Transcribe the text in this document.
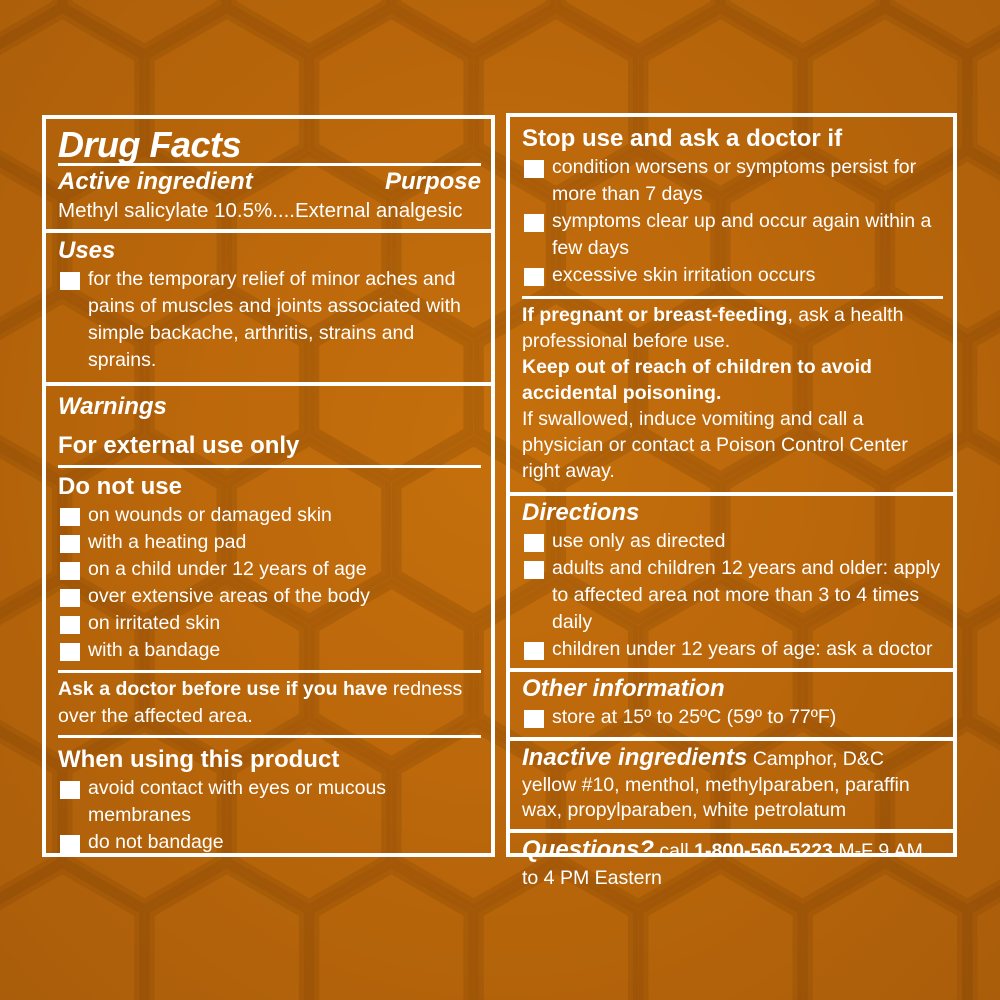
Drug Facts
Active ingredient	Purpose
Methyl salicylate 10.5%....External analgesic
Uses
for the temporary relief of minor aches and pains of muscles and joints associated with simple backache, arthritis, strains and sprains.
Warnings
For external use only
Do not use
on wounds or damaged skin
with a heating pad
on a child under 12 years of age
over extensive areas of the body
on irritated skin
with a bandage
Ask a doctor before use if you have redness over the affected area.
When using this product
avoid contact with eyes or mucous membranes
do not bandage
Stop use and ask a doctor if
condition worsens or symptoms persist for more than 7 days
symptoms clear up and occur again within a few days
excessive skin irritation occurs
If pregnant or breast-feeding, ask a health professional before use.
Keep out of reach of children to avoid accidental poisoning.
If swallowed, induce vomiting and call a physician or contact a Poison Control Center right away.
Directions
use only as directed
adults and children 12 years and older: apply to affected area not more than 3 to 4 times daily
children under 12 years of age: ask a doctor
Other information
store at 15º to 25ºC (59º to 77ºF)
Inactive ingredients Camphor, D&C yellow #10, menthol, methylparaben, paraffin wax, propylparaben, white petrolatum
Questions? call 1-800-560-5223 M-F 9 AM to 4 PM Eastern
